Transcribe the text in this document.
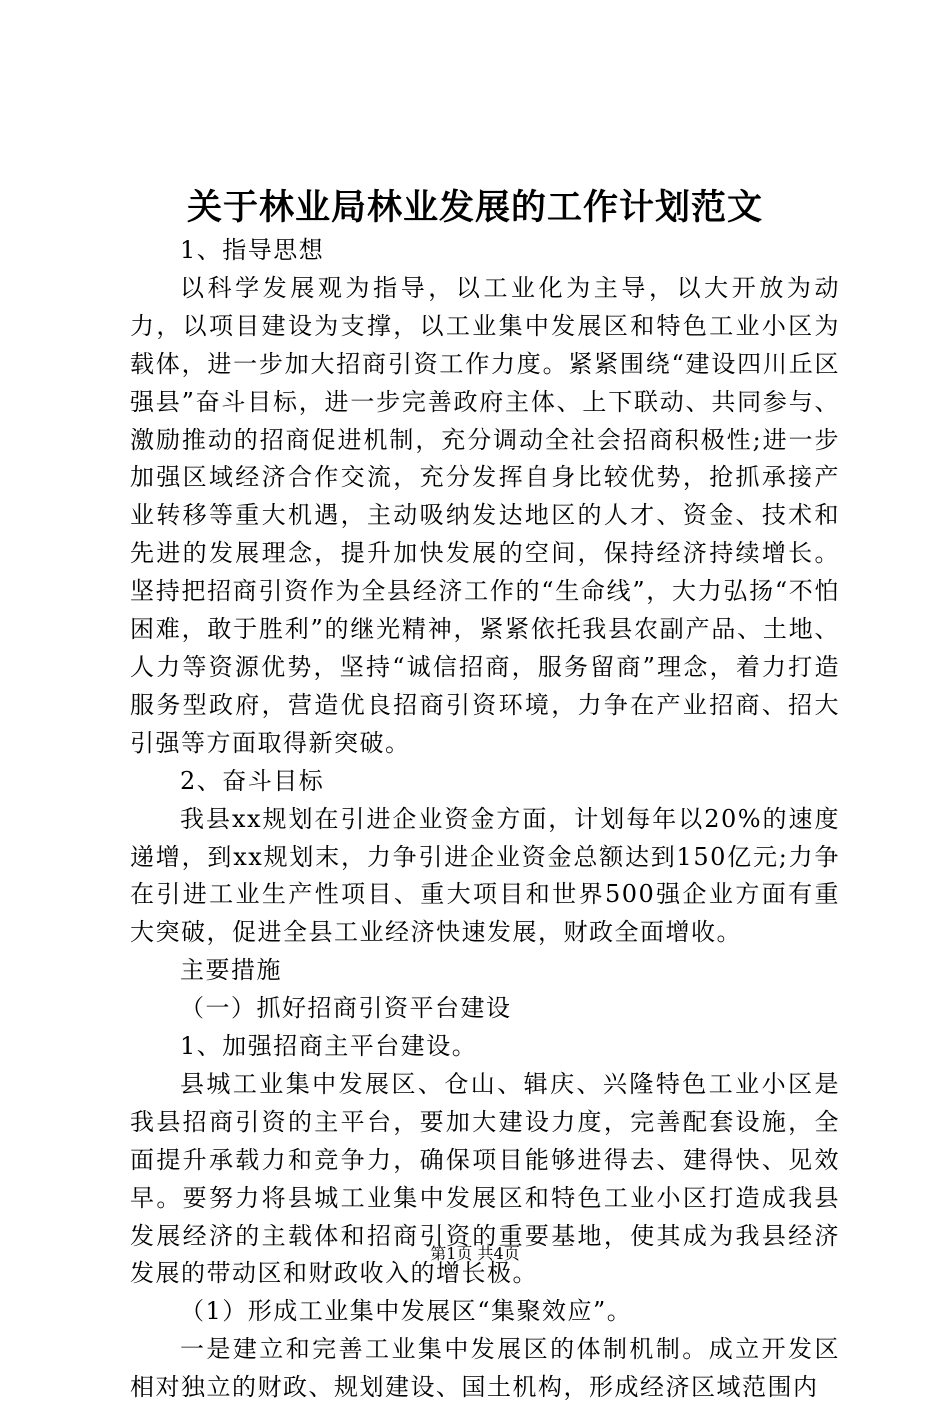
关于林业局林业发展的工作计划范文

1、指导思想

以科学发展观为指导，以工业化为主导，以大开放为动力，以项目建设为支撑，以工业集中发展区和特色工业小区为载体，进一步加大招商引资工作力度。紧紧围绕“建设四川丘区强县”奋斗目标，进一步完善政府主体、上下联动、共同参与、激励推动的招商促进机制，充分调动全社会招商积极性;进一步加强区域经济合作交流，充分发挥自身比较优势，抢抓承接产业转移等重大机遇，主动吸纳发达地区的人才、资金、技术和先进的发展理念，提升加快发展的空间，保持经济持续增长。坚持把招商引资作为全县经济工作的“生命线”，大力弘扬“不怕困难，敢于胜利”的继光精神，紧紧依托我县农副产品、土地、人力等资源优势，坚持“诚信招商，服务留商”理念，着力打造服务型政府，营造优良招商引资环境，力争在产业招商、招大引强等方面取得新突破。

2、奋斗目标

我县xx规划在引进企业资金方面，计划每年以20%的速度递增，到xx规划末，力争引进企业资金总额达到150亿元;力争在引进工业生产性项目、重大项目和世界500强企业方面有重大突破，促进全县工业经济快速发展，财政全面增收。

主要措施

（一）抓好招商引资平台建设

1、加强招商主平台建设。

县城工业集中发展区、仓山、辑庆、兴隆特色工业小区是我县招商引资的主平台，要加大建设力度，完善配套设施，全面提升承载力和竞争力，确保项目能够进得去、建得快、见效早。要努力将县城工业集中发展区和特色工业小区打造成我县发展经济的主载体和招商引资的重要基地，使其成为我县经济发展的带动区和财政收入的增长极。

（1）形成工业集中发展区“集聚效应”。

一是建立和完善工业集中发展区的体制机制。成立开发区相对独立的财政、规划建设、国土机构，形成经济区域范围内

第1页 共4页
